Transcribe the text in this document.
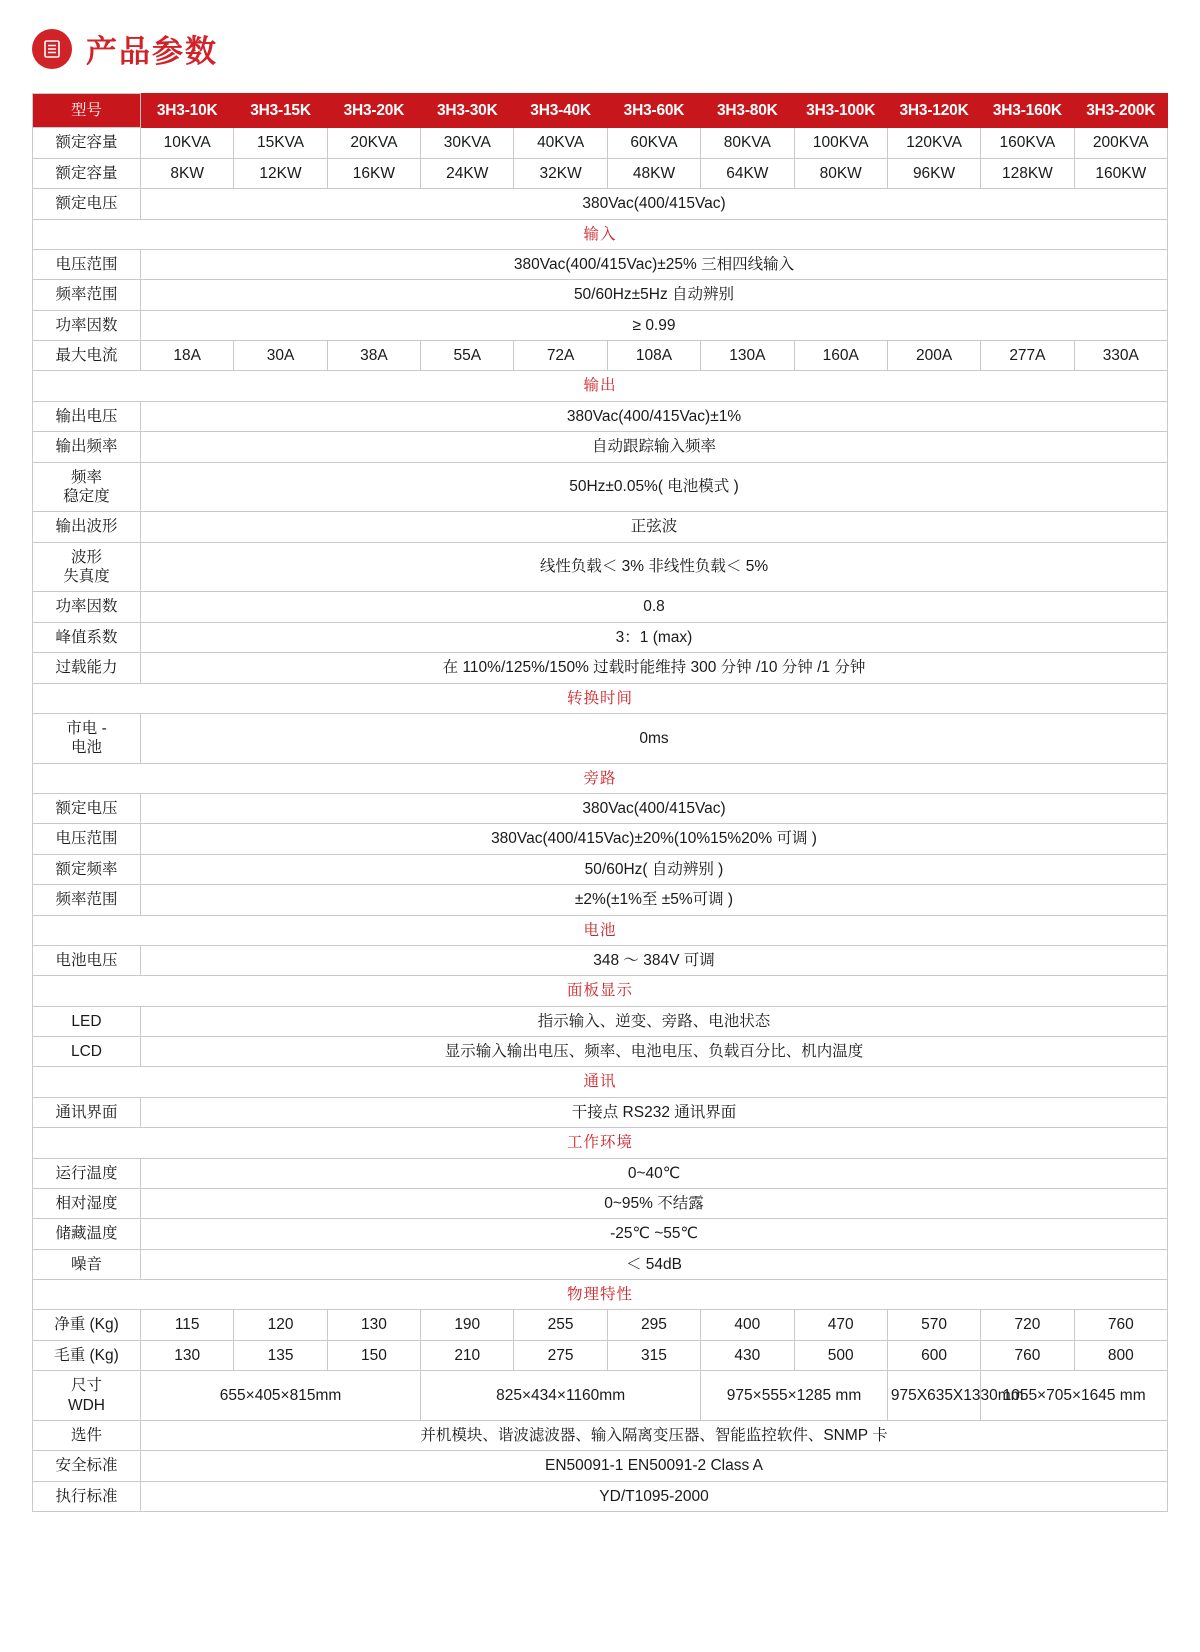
产品参数
型号	3H3-10K	3H3-15K	3H3-20K	3H3-30K	3H3-40K	3H3-60K	3H3-80K	3H3-100K	3H3-120K	3H3-160K	3H3-200K
额定容量	10KVA	15KVA	20KVA	30KVA	40KVA	60KVA	80KVA	100KVA	120KVA	160KVA	200KVA
额定容量	8KW	12KW	16KW	24KW	32KW	48KW	64KW	80KW	96KW	128KW	160KW
额定电压	380Vac(400/415Vac)										
输入											
电压范围	380Vac(400/415Vac)±25% 三相四线输入										
频率范围	50/60Hz±5Hz 自动辨别										
功率因数	≥ 0.99										
最大电流	18A	30A	38A	55A	72A	108A	130A	160A	200A	277A	330A
输出											
输出电压	380Vac(400/415Vac)±1%										
输出频率	自动跟踪输入频率										
频率
稳定度	50Hz±0.05%( 电池模式 )										
输出波形	正弦波										
波形
失真度	线性负载＜ 3% 非线性负载＜ 5%										
功率因数	0.8										
峰值系数	3：1 (max)										
过载能力	在 110%/125%/150% 过载时能维持 300 分钟 /10 分钟 /1 分钟										
转换时间											
市电 -
电池	0ms										
旁路											
额定电压	380Vac(400/415Vac)										
电压范围	380Vac(400/415Vac)±20%(10%15%20% 可调 )										
额定频率	50/60Hz( 自动辨别 )										
频率范围	±2%(±1%至 ±5%可调 )										
电池											
电池电压	348 〜 384V 可调										
面板显示											
LED	指示输入、逆变、旁路、电池状态										
LCD	显示输入输出电压、频率、电池电压、负载百分比、机内温度										
通讯											
通讯界面	干接点 RS232 通讯界面										
工作环境											
运行温度	0~40℃										
相对湿度	0~95% 不结露										
储藏温度	-25℃ ~55℃										
噪音	＜ 54dB										
物理特性											
净重 (Kg)	115	120	130	190	255	295	400	470	570	720	760
毛重 (Kg)	130	135	150	210	275	315	430	500	600	760	800
尺寸
WDH	655×405×815mm			825×434×1160mm			975×555×1285 mm		975X635X1330mm	1055×705×1645 mm	
选件	并机模块、谐波滤波器、输入隔离变压器、智能监控软件、SNMP 卡										
安全标准	EN50091-1 EN50091-2 Class A										
执行标准	YD/T1095-2000										
